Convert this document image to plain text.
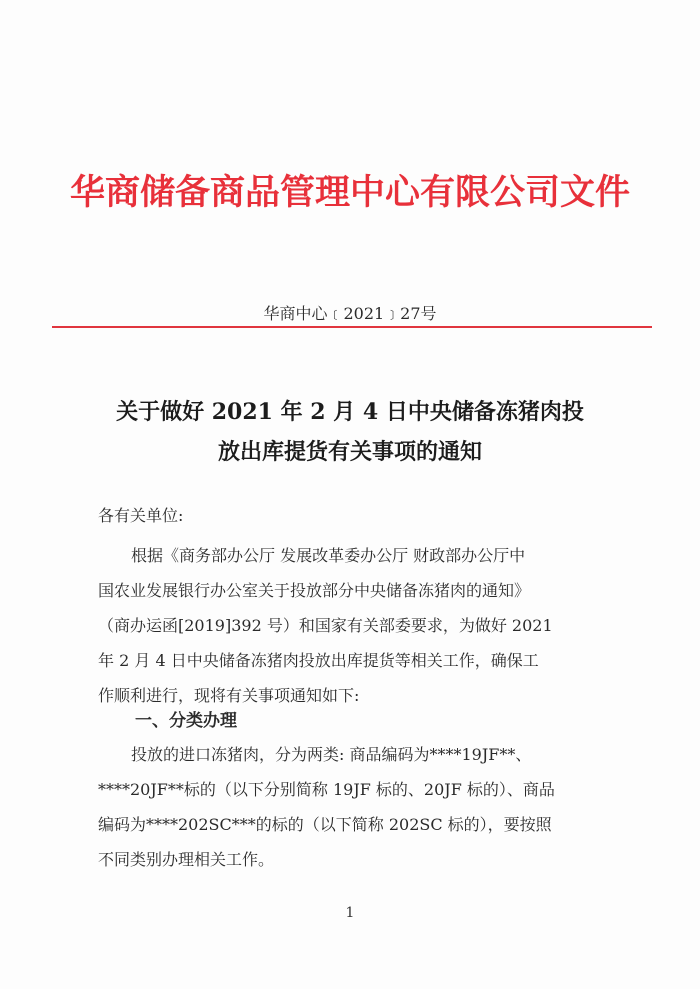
华商储备商品管理中心有限公司文件
华商中心﹝2021﹞27号
关于做好 2021 年 2 月 4 日中央储备冻猪肉投
放出库提货有关事项的通知
各有关单位:
根据《商务部办公厅 发展改革委办公厅 财政部办公厅中
国农业发展银行办公室关于投放部分中央储备冻猪肉的通知》
（商办运函[2019]392 号）和国家有关部委要求，为做好 2021
年 2 月 4 日中央储备冻猪肉投放出库提货等相关工作，确保工
作顺利进行，现将有关事项通知如下:
一、分类办理
投放的进口冻猪肉，分为两类: 商品编码为****19JF**、
****20JF**标的（以下分别简称 19JF 标的、20JF 标的）、商品
编码为****202SC***的标的（以下简称 202SC 标的），要按照
不同类别办理相关工作。
1
